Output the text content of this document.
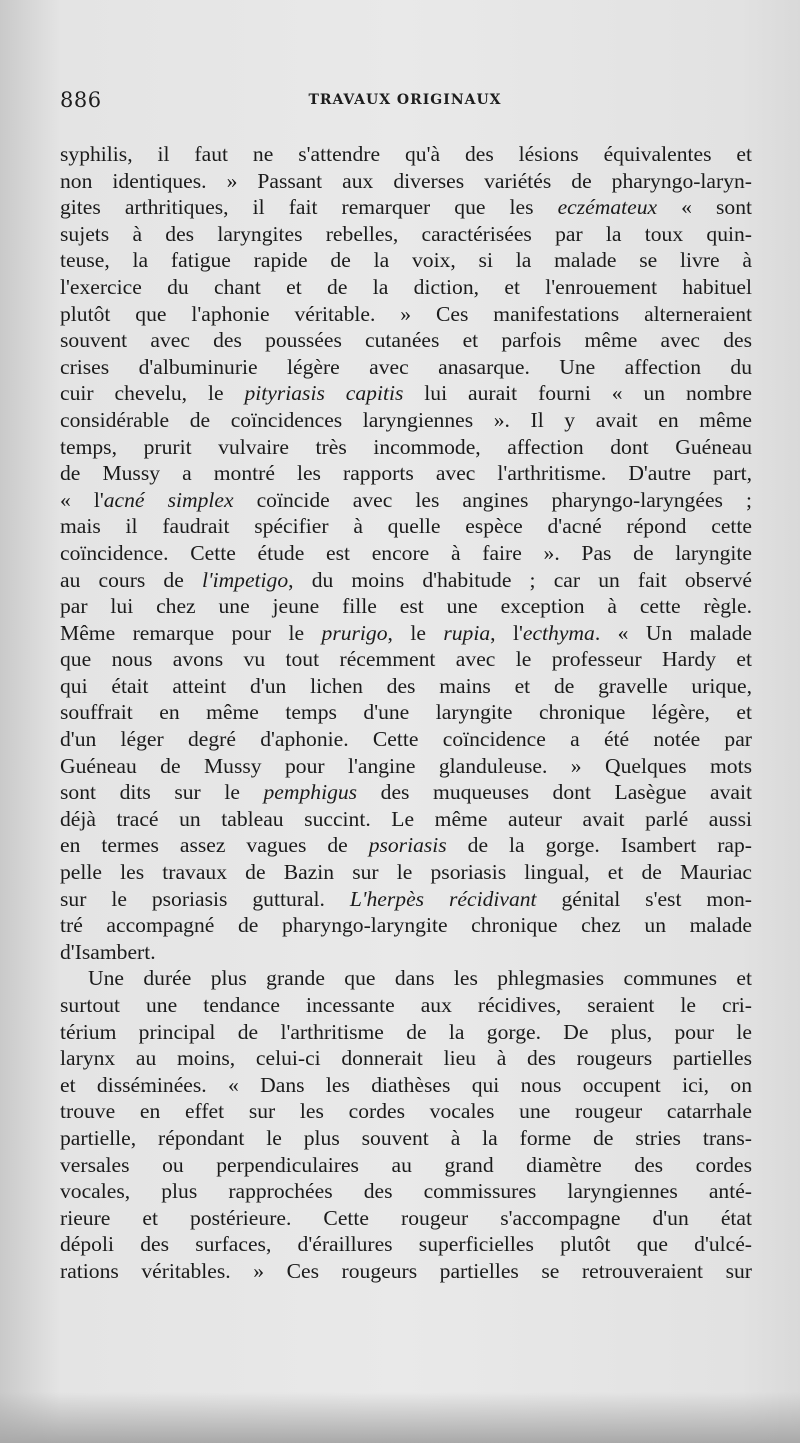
886	TRAVAUX ORIGINAUX
syphilis, il faut ne s'attendre qu'à des lésions équivalentes et
non identiques. » Passant aux diverses variétés de pharyngo-laryn-
gites arthritiques, il fait remarquer que les eczémateux « sont
sujets à des laryngites rebelles, caractérisées par la toux quin-
teuse, la fatigue rapide de la voix, si la malade se livre à
l'exercice du chant et de la diction, et l'enrouement habituel
plutôt que l'aphonie véritable. » Ces manifestations alterneraient
souvent avec des poussées cutanées et parfois même avec des
crises d'albuminurie légère avec anasarque. Une affection du
cuir chevelu, le pityriasis capitis lui aurait fourni « un nombre
considérable de coïncidences laryngiennes ». Il y avait en même
temps, prurit vulvaire très incommode, affection dont Guéneau
de Mussy a montré les rapports avec l'arthritisme. D'autre part,
« l'acné simplex coïncide avec les angines pharyngo-laryngées ;
mais il faudrait spécifier à quelle espèce d'acné répond cette
coïncidence. Cette étude est encore à faire ». Pas de laryngite
au cours de l'impetigo, du moins d'habitude ; car un fait observé
par lui chez une jeune fille est une exception à cette règle.
Même remarque pour le prurigo, le rupia, l'ecthyma. « Un malade
que nous avons vu tout récemment avec le professeur Hardy et
qui était atteint d'un lichen des mains et de gravelle urique,
souffrait en même temps d'une laryngite chronique légère, et
d'un léger degré d'aphonie. Cette coïncidence a été notée par
Guéneau de Mussy pour l'angine glanduleuse. » Quelques mots
sont dits sur le pemphigus des muqueuses dont Lasègue avait
déjà tracé un tableau succint. Le même auteur avait parlé aussi
en termes assez vagues de psoriasis de la gorge. Isambert rap-
pelle les travaux de Bazin sur le psoriasis lingual, et de Mauriac
sur le psoriasis guttural. L'herpès récidivant génital s'est mon-
tré accompagné de pharyngo-laryngite chronique chez un malade
d'Isambert.
Une durée plus grande que dans les phlegmasies communes et
surtout une tendance incessante aux récidives, seraient le cri-
térium principal de l'arthritisme de la gorge. De plus, pour le
larynx au moins, celui-ci donnerait lieu à des rougeurs partielles
et disséminées. « Dans les diathèses qui nous occupent ici, on
trouve en effet sur les cordes vocales une rougeur catarrhale
partielle, répondant le plus souvent à la forme de stries trans-
versales ou perpendiculaires au grand diamètre des cordes
vocales, plus rapprochées des commissures laryngiennes anté-
rieure et postérieure. Cette rougeur s'accompagne d'un état
dépoli des surfaces, d'éraillures superficielles plutôt que d'ulcé-
rations véritables. » Ces rougeurs partielles se retrouveraient sur
